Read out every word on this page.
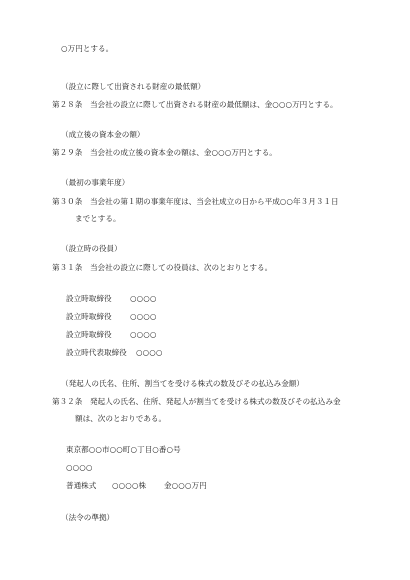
○万円とする。
（設立に際して出資される財産の最低額）
第２８条　当会社の設立に際して出資される財産の最低額は、金○○○万円とする。
（成立後の資本金の額）
第２９条　当会社の成立後の資本金の額は、金○○○万円とする。
（最初の事業年度）
第３０条　当会社の第１期の事業年度は、当会社成立の日から平成○○年３月３１日
までとする。
（設立時の役員）
第３１条　当会社の設立に際しての役員は、次のとおりとする。
設立時取締役 ○○○○
設立時取締役 ○○○○
設立時取締役 ○○○○
設立時代表取締役 ○○○○
（発起人の氏名、住所、割当てを受ける株式の数及びその払込み金額）
第３２条　発起人の氏名、住所、発起人が割当てを受ける株式の数及びその払込み金
額は、次のとおりである。
東京都○○市○○町○丁目○番○号
○○○○
普通株式 ○○○○株 金○○○万円
（法令の準拠）
